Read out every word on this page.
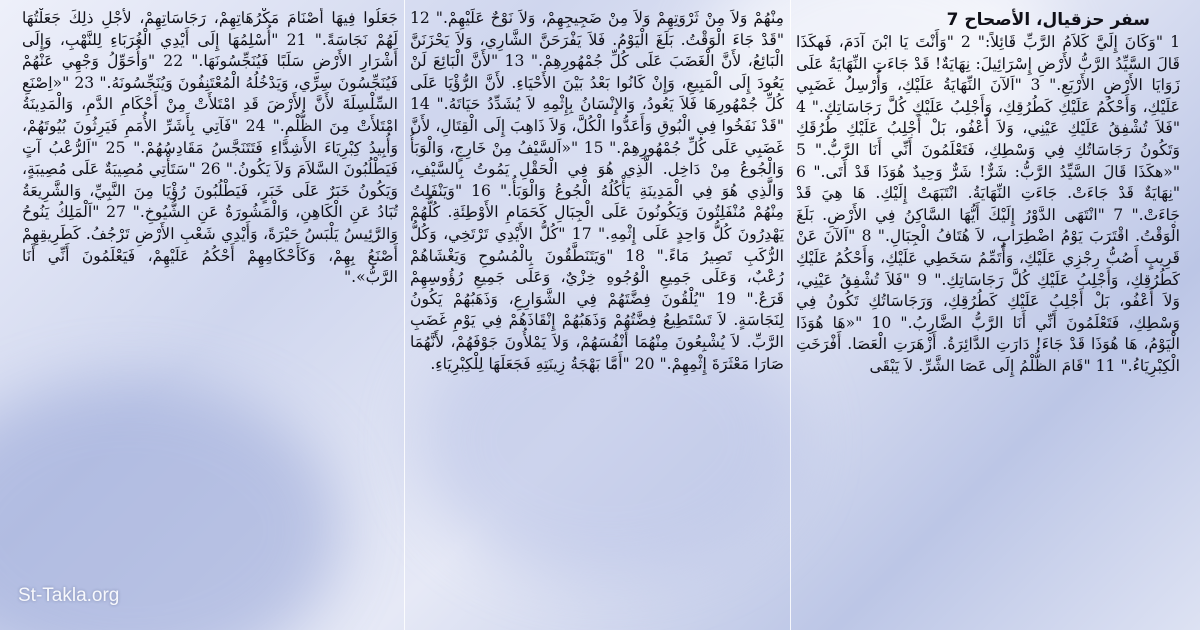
سفر حزقيال، الأصحاح 7

1 ‏"وَكَانَ إِلَيَّ كَلاَمُ الرَّبِّ قَائِلاً:" 2 ‏"وَأَنْتَ يَا ابْنَ آدَمَ، فَهكَذَا قَالَ السَّيِّدُ الرَّبُّ لأَرْضِ إِسْرَائِيلَ: نِهَايَةٌ! قَدْ جَاءَتِ النِّهَايَةُ عَلَى زَوَايَا الأَرْضِ الأَرْبَعِ." 3 ‏"اَلآنَ النِّهَايَةُ عَلَيْكِ، وَأُرْسِلُ غَضَبِي عَلَيْكِ، وَأَحْكُمُ عَلَيْكِ كَطُرُقِكِ، وَأَجْلِبُ عَلَيْكِ كُلَّ رَجَاسَاتِكِ." 4 ‏"فَلاَ تُشْفِقُ عَلَيْكِ عَيْنِي، وَلاَ أَعْفُو، بَلْ أَجْلِبُ عَلَيْكِ طُرُقَكِ وَتَكُونُ رَجَاسَاتُكِ فِي وَسْطِكِ، فَتَعْلَمُونَ أَنِّي أَنَا الرَّبُّ." 5 ‏"«هكَذَا قَالَ السَّيِّدُ الرَّبُّ: شَرٌّ! شَرٌّ وَحِيدٌ هُوَذَا قَدْ أَتَى." 6 ‏"نِهَايَةٌ قَدْ جَاءَتْ. جَاءَتِ النِّهَايَةُ. انْتَبَهَتْ إِلَيْكِ. هَا هِيَ قَدْ جَاءَتْ." 7 ‏"انْتَهَى الدَّوْرُ إِلَيْكَ أَيُّهَا السَّاكِنُ فِي الأَرْضِ. بَلَغَ الْوَقْتُ. اقْتَرَبَ يَوْمُ اضْطِرَابٍ، لاَ هُتَافُ الْجِبَالِ." 8 ‏"اَلآنَ عَنْ قَرِيبٍ أَصُبُّ رِجْزِي عَلَيْكِ، وَأُتَمِّمُ سَخَطِي عَلَيْكِ، وَأَحْكُمُ عَلَيْكِ كَطُرُقِكِ، وَأَجْلِبُ عَلَيْكِ كُلَّ رَجَاسَاتِكِ." 9 ‏"فَلاَ تُشْفِقُ عَيْنِي، وَلاَ أَعْفُو، بَلْ أَجْلِبُ عَلَيْكِ كَطُرُقِكِ، وَرَجَاسَاتُكِ تَكُونُ فِي وَسْطِكِ، فَتَعْلَمُونَ أَنِّي أَنَا الرَّبُّ الضَّارِبُ." 10 ‏"«هَا هُوَذَا الْيَوْمُ، هَا هُوَذَا قَدْ جَاءَ! دَارَتِ الدَّائِرَةُ. أَزْهَرَتِ الْعَصَا. أَفْرَخَتِ الْكِبْرِيَاءُ." 11 ‏"قَامَ الظُّلْمُ إِلَى عَصَا الشَّرِّ. لاَ يَبْقَى

مِنْهُمْ وَلاَ مِنْ ثَرْوَتِهِمْ وَلاَ مِنْ ضَجِيجِهِمْ، وَلاَ نَوْحٌ عَلَيْهِمْ." 12 ‏"قَدْ جَاءَ الْوَقْتُ. بَلَغَ الْيَوْمُ. فَلاَ يَفْرَحَنَّ الشَّارِي، وَلاَ يَحْزَنَنَّ الْبَائِعُ، لأَنَّ الْغَضَبَ عَلَى كُلِّ جُمْهُورِهِمْ." 13 ‏"لأَنَّ الْبَائِعَ لَنْ يَعُودَ إِلَى الْمَبِيعِ، وَإِنْ كَانُوا بَعْدُ بَيْنَ الأَحْيَاءِ. لأَنَّ الرُّؤْيَا عَلَى كُلِّ جُمْهُورِهَا فَلاَ يَعُودُ، وَالإِنْسَانُ بِإِثْمِهِ لاَ يُشَدِّدُ حَيَاتَهُ." 14 ‏"قَدْ نَفَخُوا فِي الْبُوقِ وَأَعَدُّوا الْكُلَّ، وَلاَ ذَاهِبَ إِلَى الْقِتَالِ، لأَنَّ غَضَبِي عَلَى كُلِّ جُمْهُورِهِمْ." 15 ‏"«اَلسَّيْفُ مِنْ خَارِجٍ، وَالْوَبَأُ وَالْجُوعُ مِنْ دَاخِل. الَّذِي هُوَ فِي الْحَقْلِ يَمُوتُ بِالسَّيْفِ، وَالَّذِي هُوَ فِي الْمَدِينَةِ يَأْكُلُهُ الْجُوعُ وَالْوَبَأُ." 16 ‏"وَيَنْفَلِتُ مِنْهُمْ مُنْفَلِتُونَ وَيَكُونُونَ عَلَى الْجِبَالِ كَحَمَامِ الأَوْطِئَةِ. كُلُّهُمْ يَهْدِرُونَ كُلُّ وَاحِدٍ عَلَى إِثْمِهِ." 17 ‏"كُلُّ الأَيْدِي تَرْتَخِي، وَكُلُّ الرُّكَبِ تَصِيرُ مَاءً." 18 ‏"وَيَتَنَطَّقُونَ بِالْمُسُوحِ وَيَغْشَاهُمْ رُعْبٌ، وَعَلَى جَمِيعِ الْوُجُوهِ خِزْيٌ، وَعَلَى جَمِيعِ رُؤُوسِهِمْ قَرَعٌ." 19 ‏"يُلْقُونَ فِضَّتَهُمْ فِي الشَّوَارِعِ، وَذَهَبُهُمْ يَكُونُ لِنَجَاسَةٍ. لاَ تَسْتَطِيعُ فِضَّتُهُمْ وَذَهَبُهُمْ إِنْقَاذَهُمْ فِي يَوْمِ غَضَبِ الرَّبِّ. لاَ يُشْبِعُونَ مِنْهُمَا أَنْفُسَهُمْ، وَلاَ يَمْلأُونَ جَوْفَهُمْ، لأَنَّهُمَا صَارَا مَعْثَرَةَ إِثْمِهِمْ." 20 ‏"أَمَّا بَهْجَةُ زِينَتِهِ فَجَعَلَهَا لِلْكِبْرِيَاءِ.

جَعَلُوا فِيهَا أَصْنَامَ مَكْرُهَاتِهِمْ، رَجَاسَاتِهِمْ، لأَجْلِ ذلِكَ جَعَلْتُهَا لَهُمْ نَجَاسَةً." 21 ‏"أُسْلِمُهَا إِلَى أَيْدِي الْغُرَبَاءِ لِلنَّهْبِ، وَإِلَى أَشْرَارِ الأَرْضِ سَلَبًا فَيُنَجِّسُونَهَا." 22 ‏"وَأُحَوِّلُ وَجْهِي عَنْهُمْ فَيُنَجِّسُونَ سِرِّي، وَيَدْخُلُهُ الْمُعْتَنِفُونَ وَيُنَجِّسُونَهُ." 23 ‏"«اِصْنَعِ السِّلْسِلَةَ لأَنَّ الأَرْضَ قَدِ امْتَلأَتْ مِنْ أَحْكَامِ الدَّمِ، وَالْمَدِينَةُ امْتَلأَتْ مِنَ الظُّلْمِ." 24 ‏"فَآتِي بِأَشَرِّ الأُمَمِ فَيَرِثُونَ بُيُوتَهُمْ، وَأُبِيدُ كِبْرِيَاءَ الأَشِدَّاءِ فَتَتَنَجَّسُ مَقَادِسُهُمْ." 25 ‏"اَلرُّعْبُ آتٍ فَيَطْلُبُونَ السَّلاَمَ وَلاَ يَكُونُ." 26 ‏"سَتَأْتِي مُصِيبَةٌ عَلَى مُصِيبَةٍ، وَيَكُونُ خَبَرٌ عَلَى خَبَرٍ، فَيَطْلُبُونَ رُؤْيَا مِنَ النَّبِيِّ، وَالشَّرِيعَةُ تُبَادُ عَنِ الْكَاهِنِ، وَالْمَشُورَةُ عَنِ الشُّيُوخِ." 27 ‏"اَلْمَلِكُ يَنُوحُ وَالرَّئِيسُ يَلْبَسُ حَيْرَةً، وَأَيْدِي شَعْبِ الأَرْضِ تَرْجُفُ. كَطَرِيقِهِمْ أَصْنَعُ بِهِمْ، وَكَأَحْكَامِهِمْ أَحْكُمُ عَلَيْهِمْ، فَيَعْلَمُونَ أَنِّي أَنَا الرَّبُّ»."

St-Takla.org
